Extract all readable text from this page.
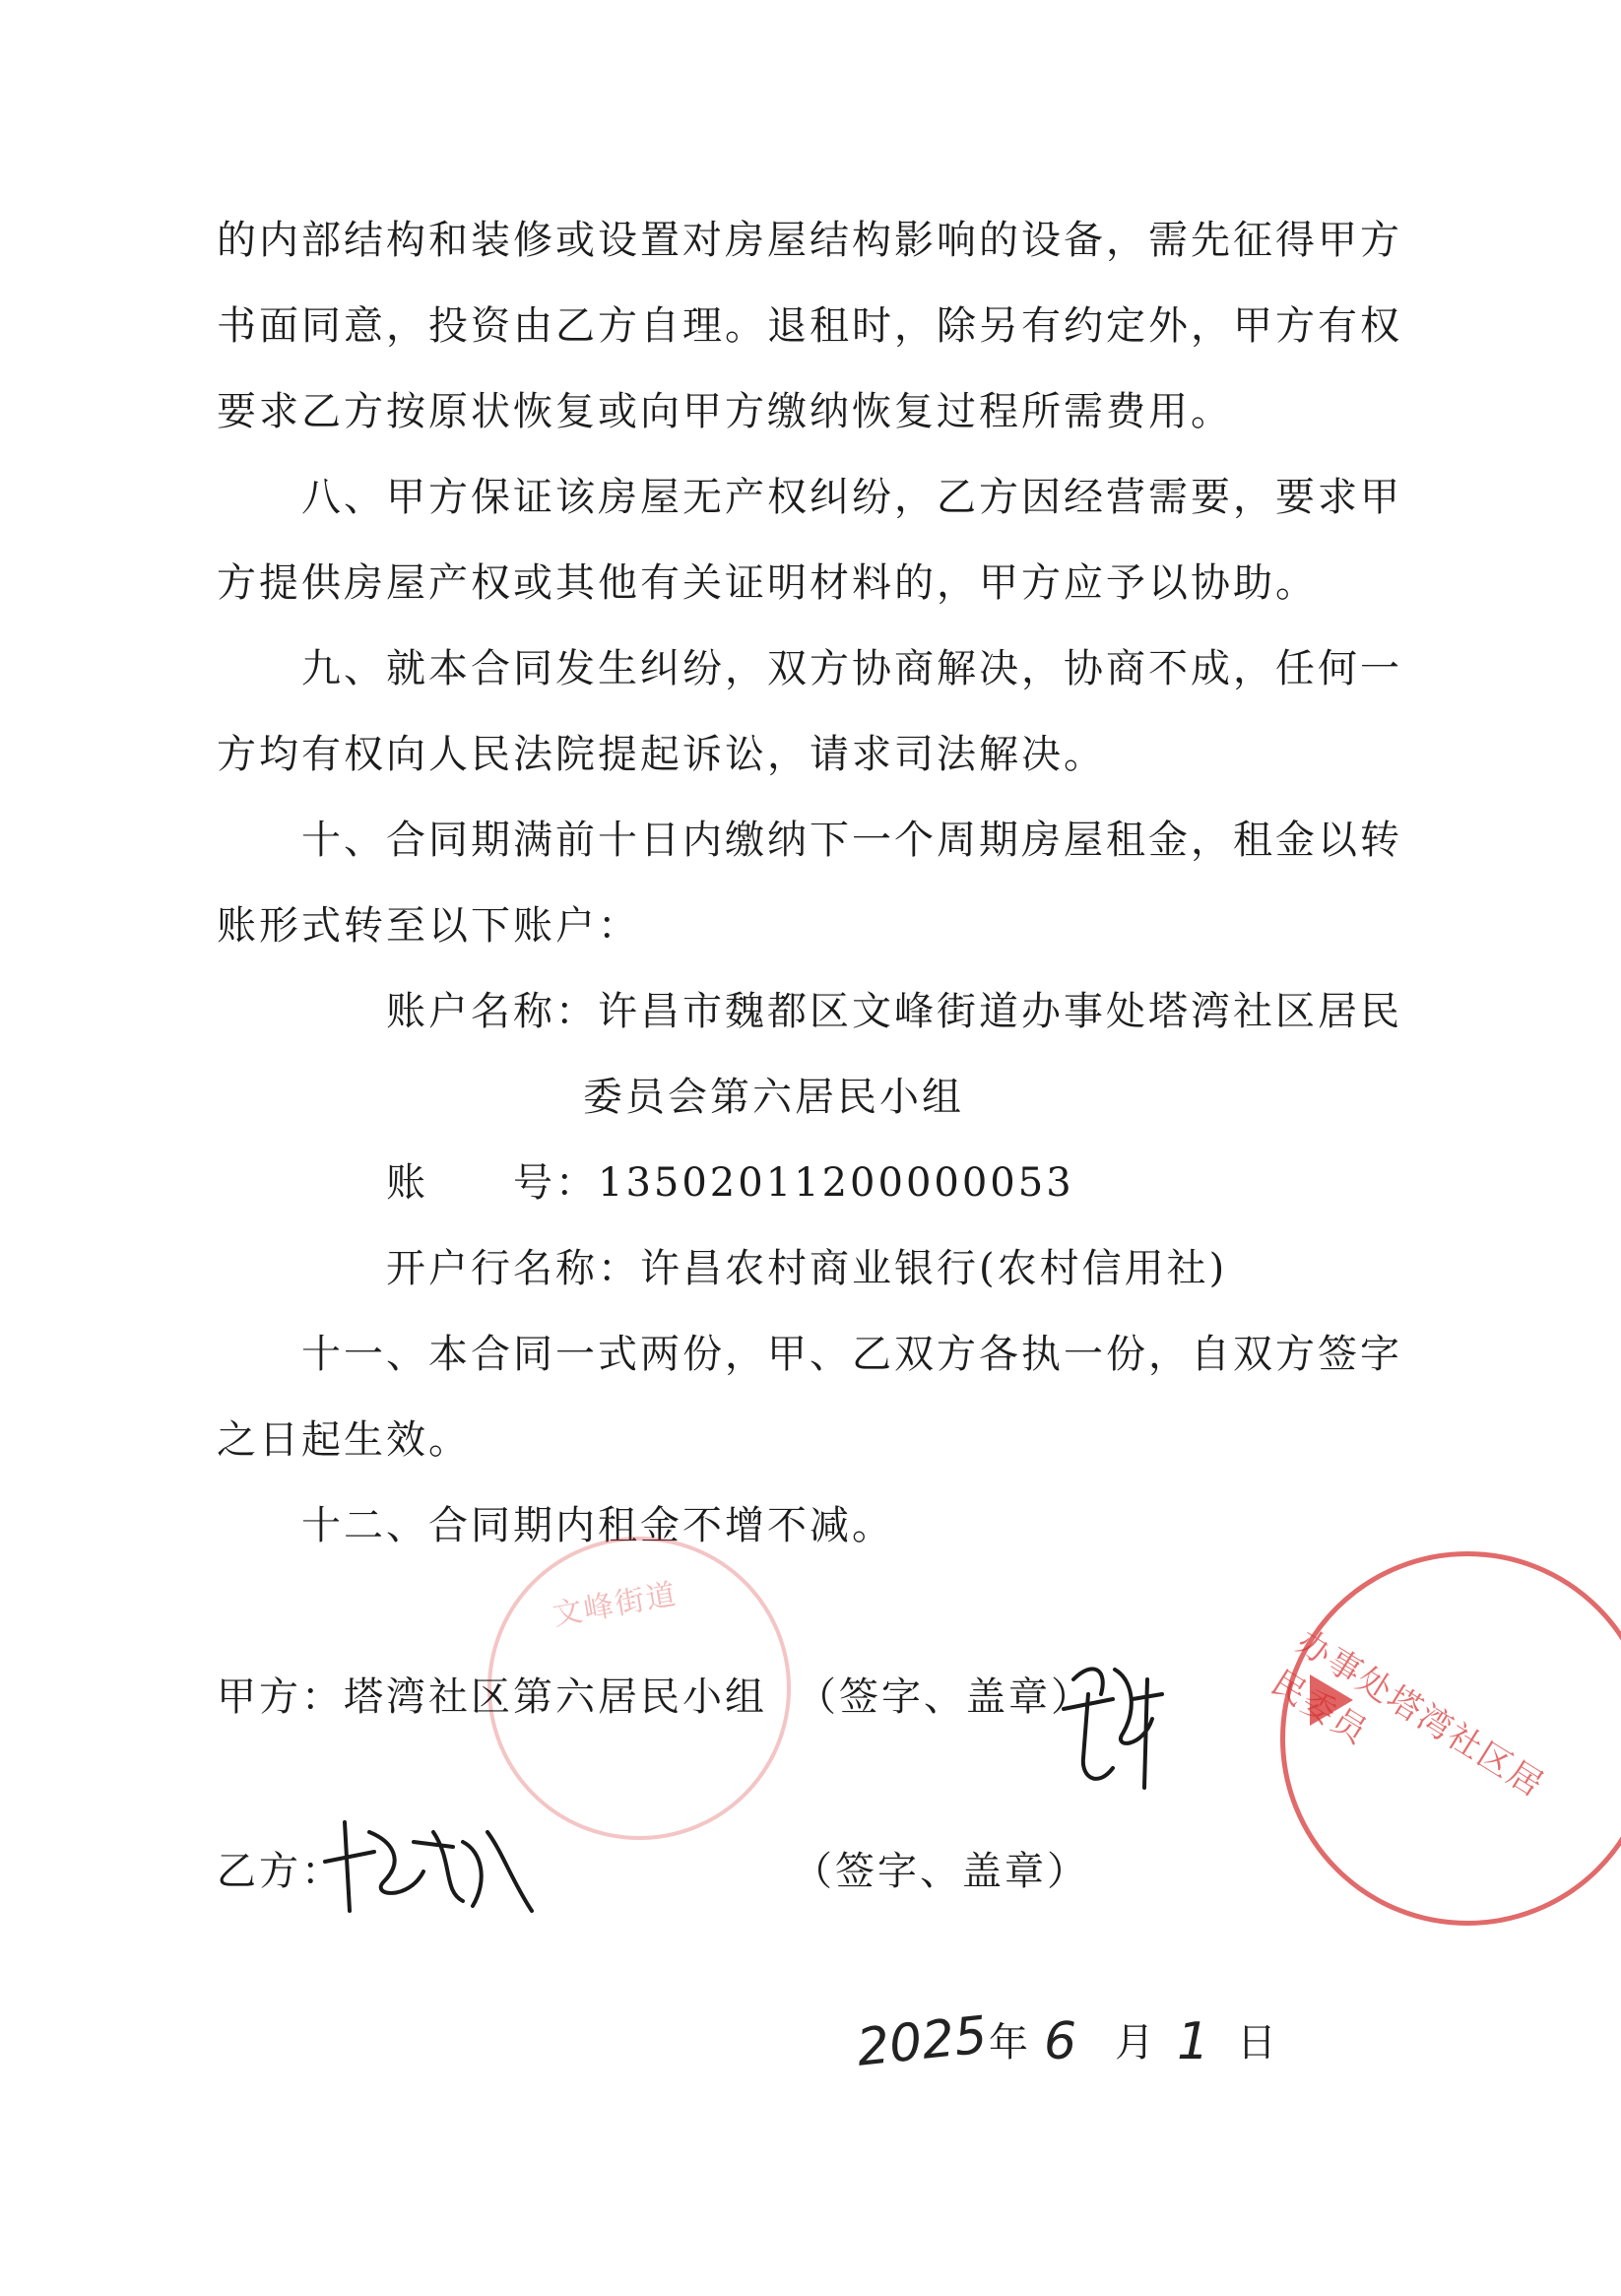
的内部结构和装修或设置对房屋结构影响的设备，需先征得甲方
书面同意，投资由乙方自理。退租时，除另有约定外，甲方有权
要求乙方按原状恢复或向甲方缴纳恢复过程所需费用。
八、甲方保证该房屋无产权纠纷，乙方因经营需要，要求甲
方提供房屋产权或其他有关证明材料的，甲方应予以协助。
九、就本合同发生纠纷，双方协商解决，协商不成，任何一
方均有权向人民法院提起诉讼，请求司法解决。
十、合同期满前十日内缴纳下一个周期房屋租金，租金以转
账形式转至以下账户：
账户名称：许昌市魏都区文峰街道办事处塔湾社区居民
委员会第六居民小组
账　　号：13502011200000053
开户行名称：许昌农村商业银行(农村信用社)
十一、本合同一式两份，甲、乙双方各执一份，自双方签字
之日起生效。
十二、合同期内租金不增不减。
文峰街道
甲方：塔湾社区第六居民小组 （签字、盖章）	办事处塔湾社区居民委员
乙方：	（签字、盖章）
2025
年 6 月 1 日
